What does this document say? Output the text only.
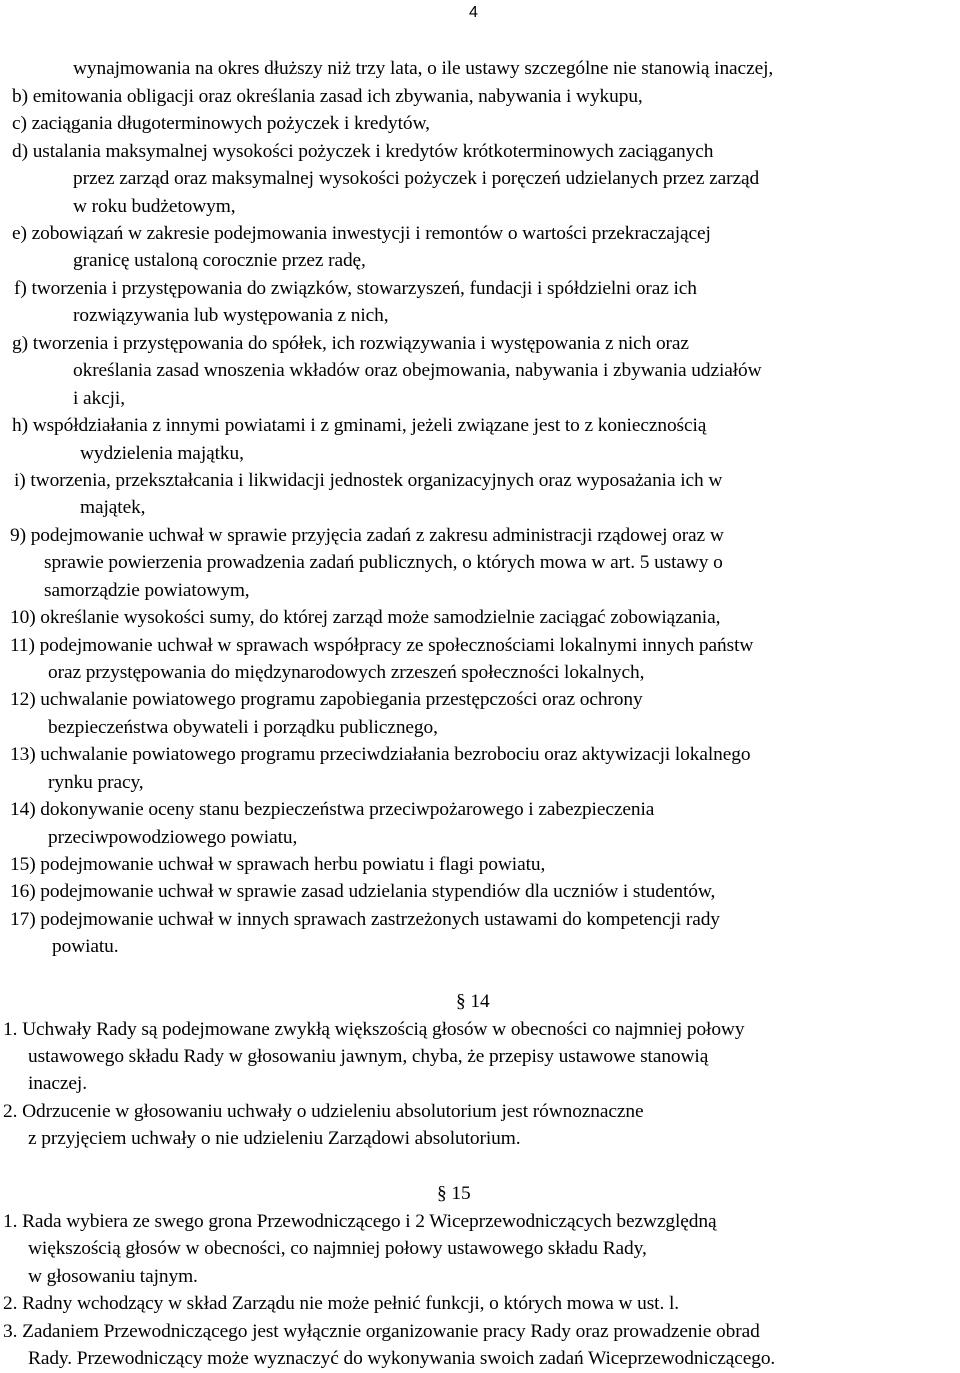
4
wynajmowania na okres dłuższy niż trzy lata, o ile ustawy szczególne nie stanowią inaczej,
b) emitowania obligacji oraz określania zasad ich zbywania, nabywania i wykupu,
c) zaciągania długoterminowych pożyczek i kredytów,
d) ustalania maksymalnej wysokości pożyczek i kredytów krótkoterminowych zaciąganych
przez zarząd oraz maksymalnej wysokości pożyczek i poręczeń udzielanych przez zarząd
w roku budżetowym,
e) zobowiązań w zakresie podejmowania inwestycji i remontów o wartości przekraczającej
granicę ustaloną corocznie przez radę,
f) tworzenia i przystępowania do związków, stowarzyszeń, fundacji i spółdzielni oraz ich
rozwiązywania lub występowania z nich,
g) tworzenia i przystępowania do spółek, ich rozwiązywania i występowania z nich oraz
określania zasad wnoszenia wkładów oraz obejmowania, nabywania i zbywania udziałów
i akcji,
h) współdziałania z innymi powiatami i z gminami, jeżeli związane jest to z koniecznością
wydzielenia majątku,
i) tworzenia, przekształcania i likwidacji jednostek organizacyjnych oraz wyposażania ich w
majątek,
9) podejmowanie uchwał w sprawie przyjęcia zadań z zakresu administracji rządowej oraz w
sprawie powierzenia prowadzenia zadań publicznych, o których mowa w art. 5 ustawy o
samorządzie powiatowym,
10) określanie wysokości sumy, do której zarząd może samodzielnie zaciągać zobowiązania,
11) podejmowanie uchwał w sprawach współpracy ze społecznościami lokalnymi innych państw
oraz przystępowania do międzynarodowych zrzeszeń społeczności lokalnych,
12) uchwalanie powiatowego programu zapobiegania przestępczości oraz ochrony
bezpieczeństwa obywateli i porządku publicznego,
13) uchwalanie powiatowego programu przeciwdziałania bezrobociu oraz aktywizacji lokalnego
rynku pracy,
14) dokonywanie oceny stanu bezpieczeństwa przeciwpożarowego i zabezpieczenia
przeciwpowodziowego powiatu,
15) podejmowanie uchwał w sprawach herbu powiatu i flagi powiatu,
16) podejmowanie uchwał w sprawie zasad udzielania stypendiów dla uczniów i studentów,
17) podejmowanie uchwał w innych sprawach zastrzeżonych ustawami do kompetencji rady
powiatu.
§ 14
1. Uchwały Rady są podejmowane zwykłą większością głosów w obecności co najmniej połowy
ustawowego składu Rady w głosowaniu jawnym, chyba, że przepisy ustawowe stanowią
inaczej.
2. Odrzucenie w głosowaniu uchwały o udzieleniu absolutorium jest równoznaczne
z przyjęciem uchwały o nie udzieleniu Zarządowi absolutorium.
§ 15
1. Rada wybiera ze swego grona Przewodniczącego i 2 Wiceprzewodniczących bezwzględną
większością głosów w obecności, co najmniej połowy ustawowego składu Rady,
w głosowaniu tajnym.
2. Radny wchodzący w skład Zarządu nie może pełnić funkcji, o których mowa w ust. l.
3. Zadaniem Przewodniczącego jest wyłącznie organizowanie pracy Rady oraz prowadzenie obrad
Rady. Przewodniczący może wyznaczyć do wykonywania swoich zadań Wiceprzewodniczącego.
